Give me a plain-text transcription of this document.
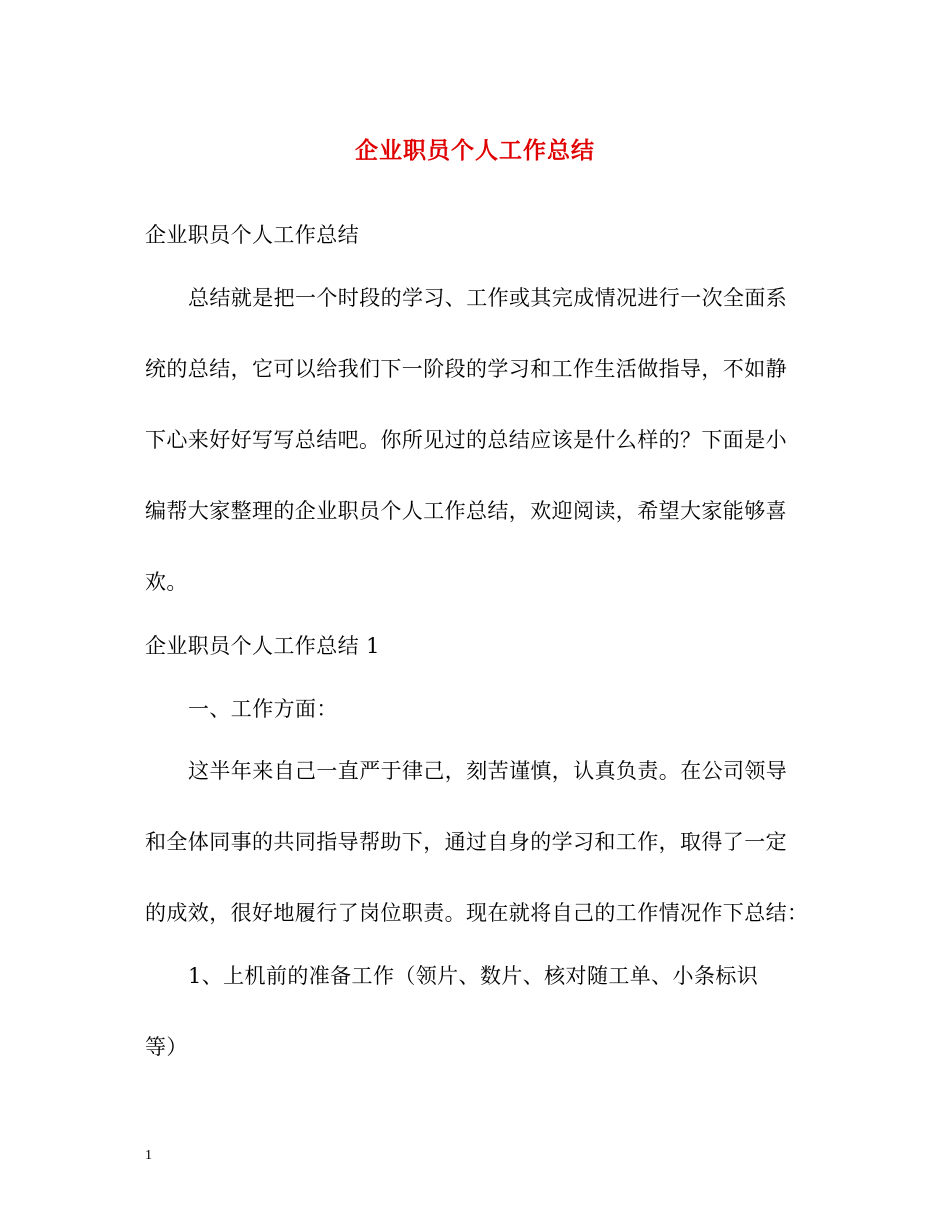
企业职员个人工作总结
企业职员个人工作总结
总结就是把一个时段的学习、工作或其完成情况进行一次全面系
统的总结，它可以给我们下一阶段的学习和工作生活做指导，不如静
下心来好好写写总结吧。你所见过的总结应该是什么样的？下面是小
编帮大家整理的企业职员个人工作总结，欢迎阅读，希望大家能够喜
欢。
企业职员个人工作总结 1
一、工作方面：
这半年来自己一直严于律己，刻苦谨慎，认真负责。在公司领导
和全体同事的共同指导帮助下，通过自身的学习和工作，取得了一定
的成效，很好地履行了岗位职责。现在就将自己的工作情况作下总结：
1、上机前的准备工作（领片、数片、核对随工单、小条标识
等）
1
